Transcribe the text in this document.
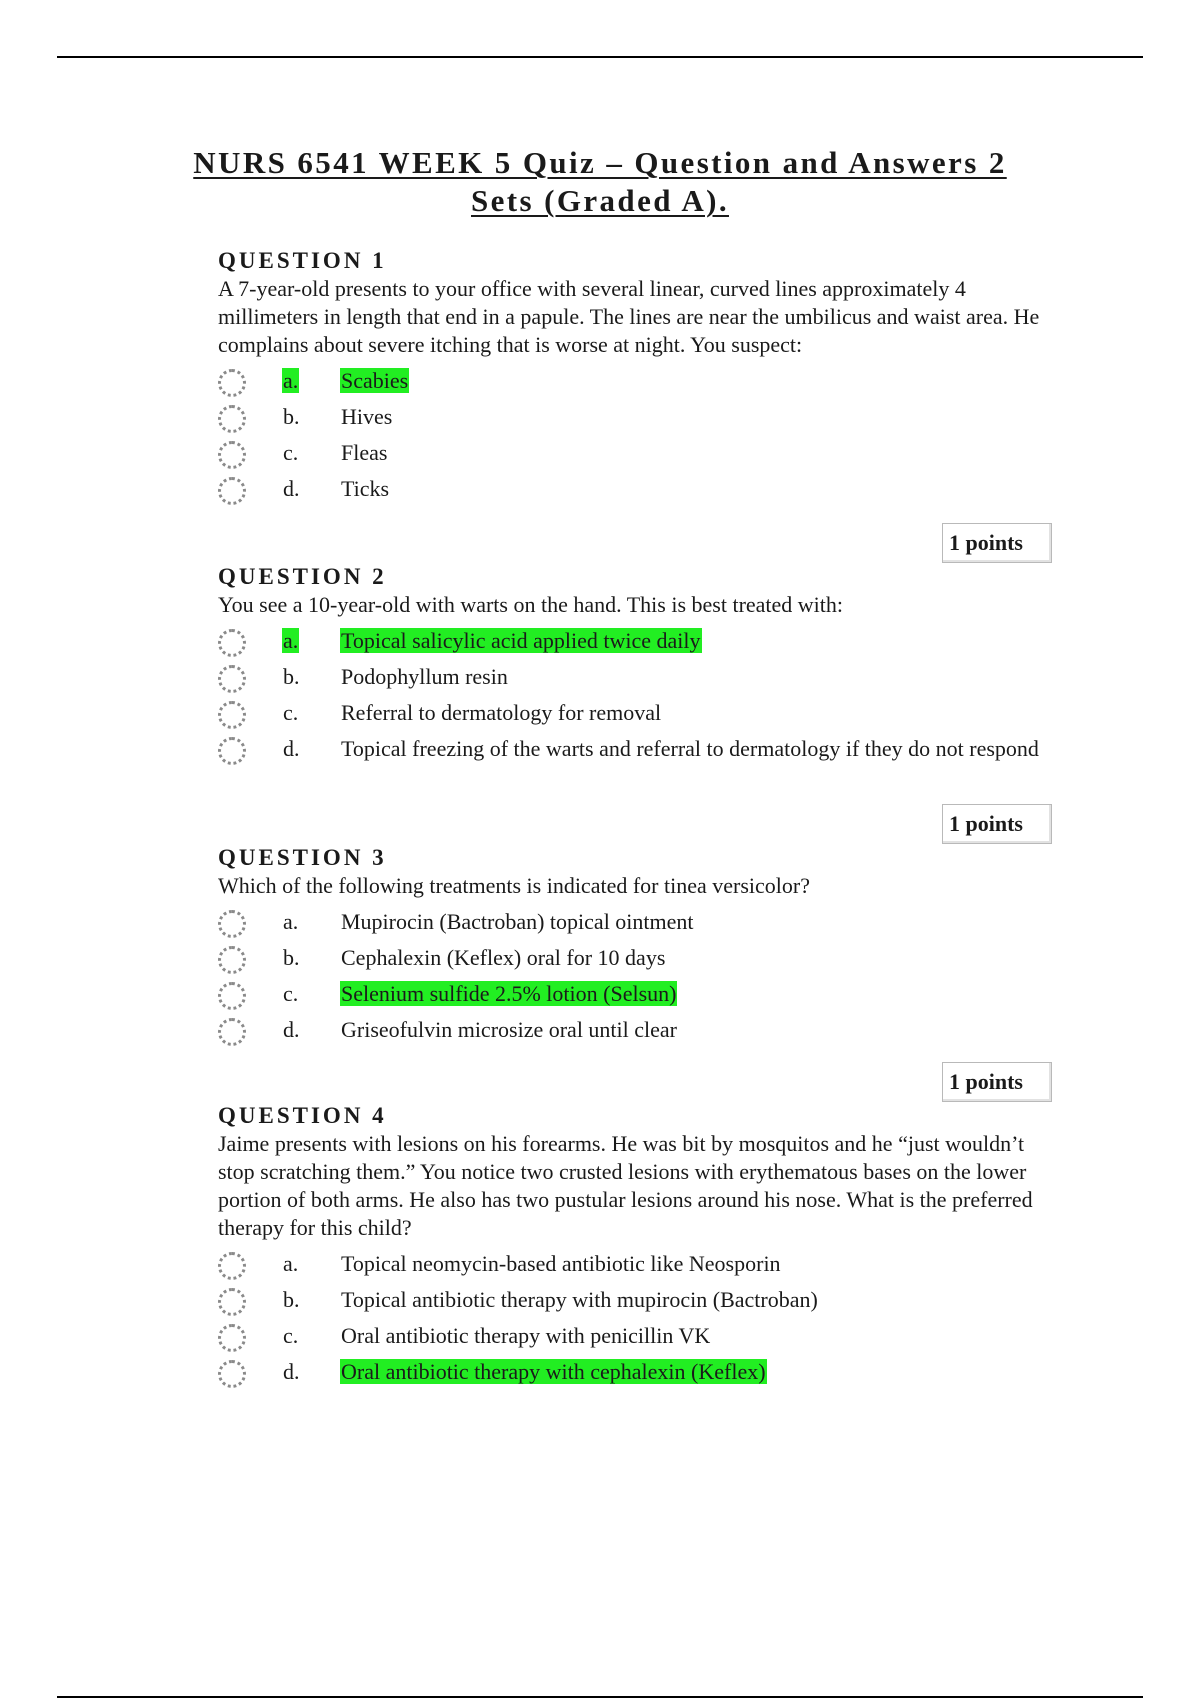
NURS 6541 WEEK 5 Quiz – Question and Answers 2
Sets (Graded A).
QUESTION 1
A 7-year-old presents to your office with several linear, curved lines approximately 4 millimeters in length that end in a papule. The lines are near the umbilicus and waist area. He complains about severe itching that is worse at night. You suspect:
a.	Scabies
b.	Hives
c.	Fleas
d.	Ticks
1 points
QUESTION 2
You see a 10-year-old with warts on the hand. This is best treated with:
a.	Topical salicylic acid applied twice daily
b.	Podophyllum resin
c.	Referral to dermatology for removal
d.	Topical freezing of the warts and referral to dermatology if they do not respond
1 points
QUESTION 3
Which of the following treatments is indicated for tinea versicolor?
a.	Mupirocin (Bactroban) topical ointment
b.	Cephalexin (Keflex) oral for 10 days
c.	Selenium sulfide 2.5% lotion (Selsun)
d.	Griseofulvin microsize oral until clear
1 points
QUESTION 4
Jaime presents with lesions on his forearms. He was bit by mosquitos and he “just wouldn’t stop scratching them.” You notice two crusted lesions with erythematous bases on the lower portion of both arms. He also has two pustular lesions around his nose. What is the preferred therapy for this child?
a.	Topical neomycin-based antibiotic like Neosporin
b.	Topical antibiotic therapy with mupirocin (Bactroban)
c.	Oral antibiotic therapy with penicillin VK
d.	Oral antibiotic therapy with cephalexin (Keflex)
